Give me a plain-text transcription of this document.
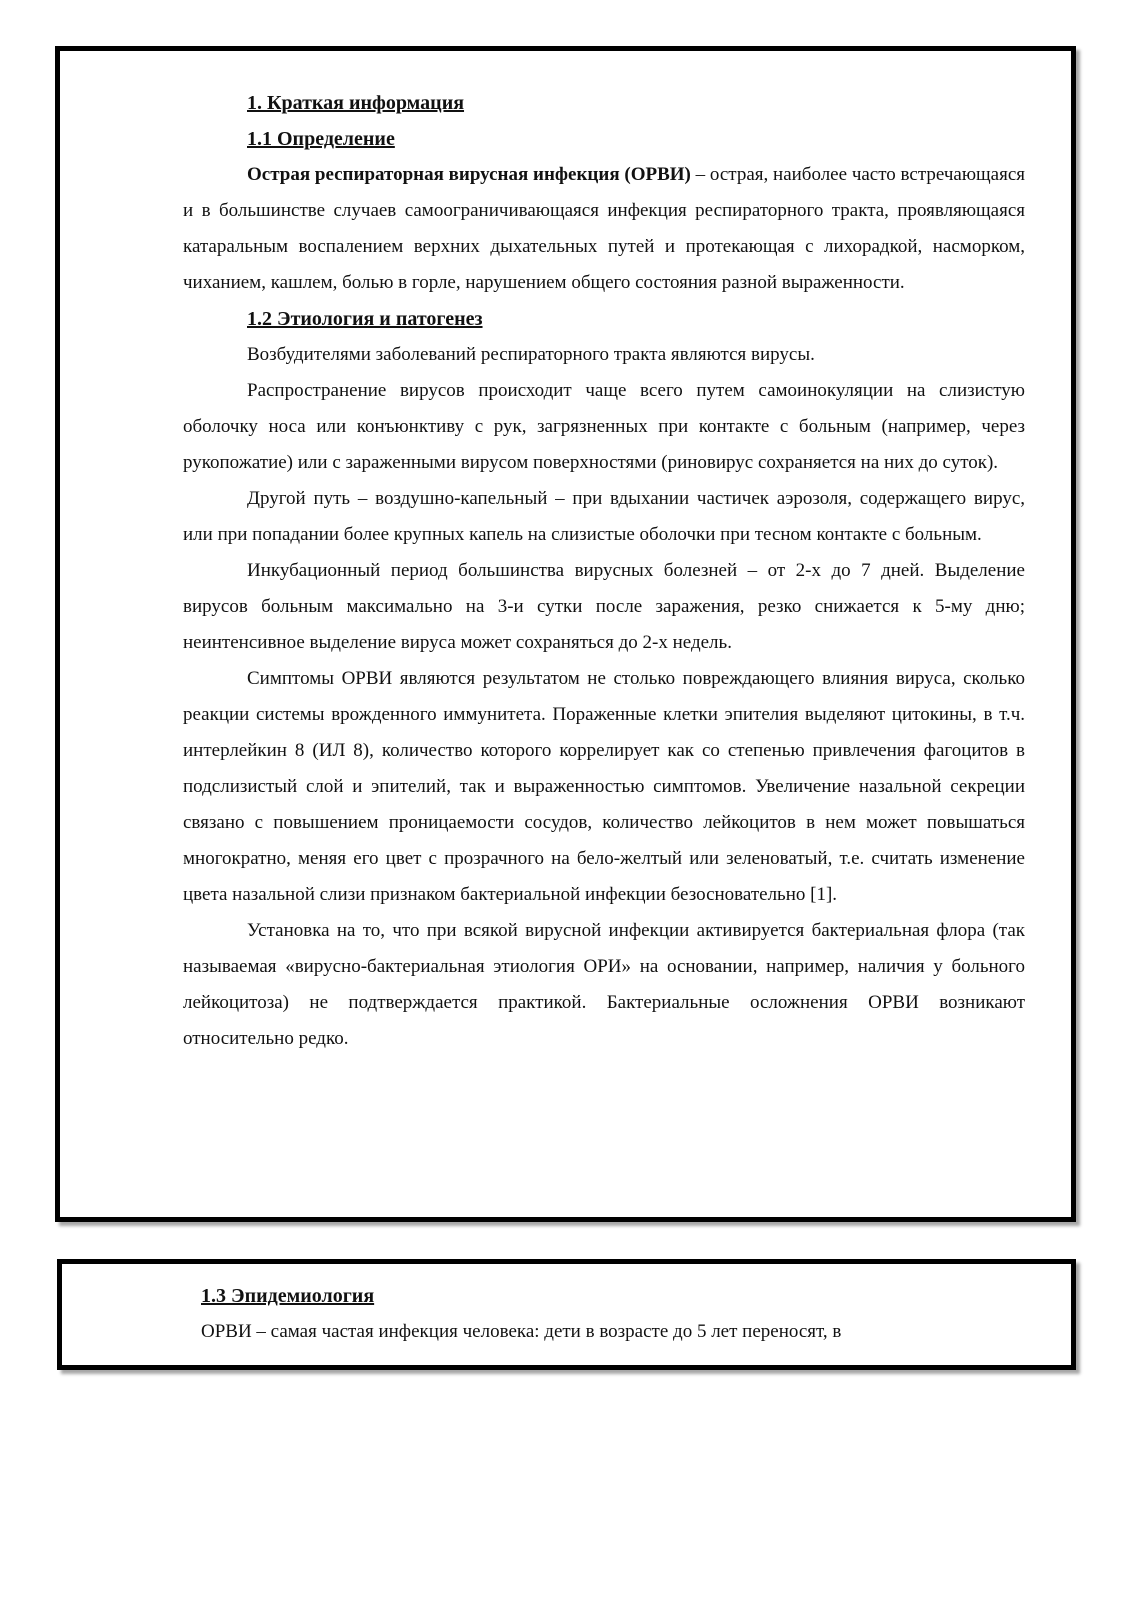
1. Краткая информация
1.1 Определение

Острая респираторная вирусная инфекция (ОРВИ) – острая, наиболее часто встречающаяся и в большинстве случаев самоограничивающаяся инфекция респираторного тракта, проявляющаяся катаральным воспалением верхних дыхательных путей и протекающая с лихорадкой, насморком, чиханием, кашлем, болью в горле, нарушением общего состояния разной выраженности.

1.2 Этиология и патогенез

Возбудителями заболеваний респираторного тракта являются вирусы.

Распространение вирусов происходит чаще всего путем самоинокуляции на слизистую оболочку носа или конъюнктиву с рук, загрязненных при контакте с больным (например, через рукопожатие) или с зараженными вирусом поверхностями (риновирус сохраняется на них до суток).

Другой путь – воздушно-капельный – при вдыхании частичек аэрозоля, содержащего вирус, или при попадании более крупных капель на слизистые оболочки при тесном контакте с больным.

Инкубационный период большинства вирусных болезней – от 2-х до 7 дней. Выделение вирусов больным максимально на 3-и сутки после заражения, резко снижается к 5-му дню; неинтенсивное выделение вируса может сохраняться до 2-х недель.

Симптомы ОРВИ являются результатом не столько повреждающего влияния вируса, сколько реакции системы врожденного иммунитета. Пораженные клетки эпителия выделяют цитокины, в т.ч. интерлейкин 8 (ИЛ 8), количество которого коррелирует как со степенью привлечения фагоцитов в подслизистый слой и эпителий, так и выраженностью симптомов. Увеличение назальной секреции связано с повышением проницаемости сосудов, количество лейкоцитов в нем может повышаться многократно, меняя его цвет с прозрачного на бело-желтый или зеленоватый, т.е. считать изменение цвета назальной слизи признаком бактериальной инфекции безосновательно [1].

Установка на то, что при всякой вирусной инфекции активируется бактериальная флора (так называемая «вирусно-бактериальная этиология ОРИ» на основании, например, наличия у больного лейкоцитоза) не подтверждается практикой. Бактериальные осложнения ОРВИ возникают относительно редко.

1.3 Эпидемиология

ОРВИ – самая частая инфекция человека: дети в возрасте до 5 лет переносят, в
